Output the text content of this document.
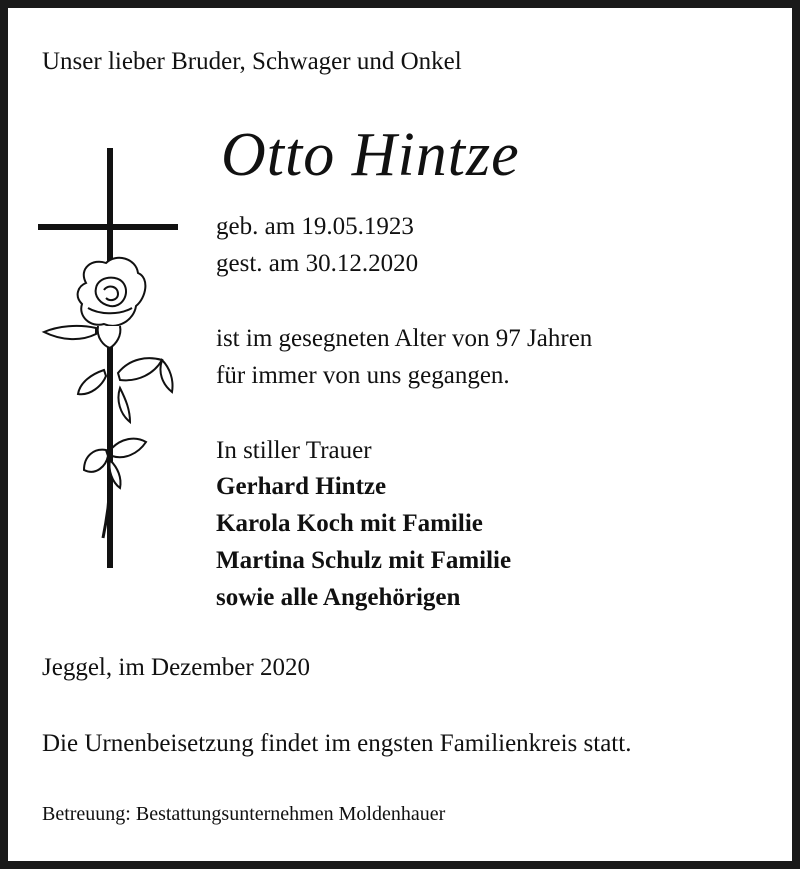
Unser lieber Bruder, Schwager und Onkel

Otto Hintze

geb. am 19.05.1923
gest. am 30.12.2020

ist im gesegneten Alter von 97 Jahren
für immer von uns gegangen.

In stiller Trauer

Gerhard Hintze
Karola Koch mit Familie
Martina Schulz mit Familie
sowie alle Angehörigen

Jeggel, im Dezember 2020

Die Urnenbeisetzung findet im engsten Familienkreis statt.

Betreuung: Bestattungsunternehmen Moldenhauer
